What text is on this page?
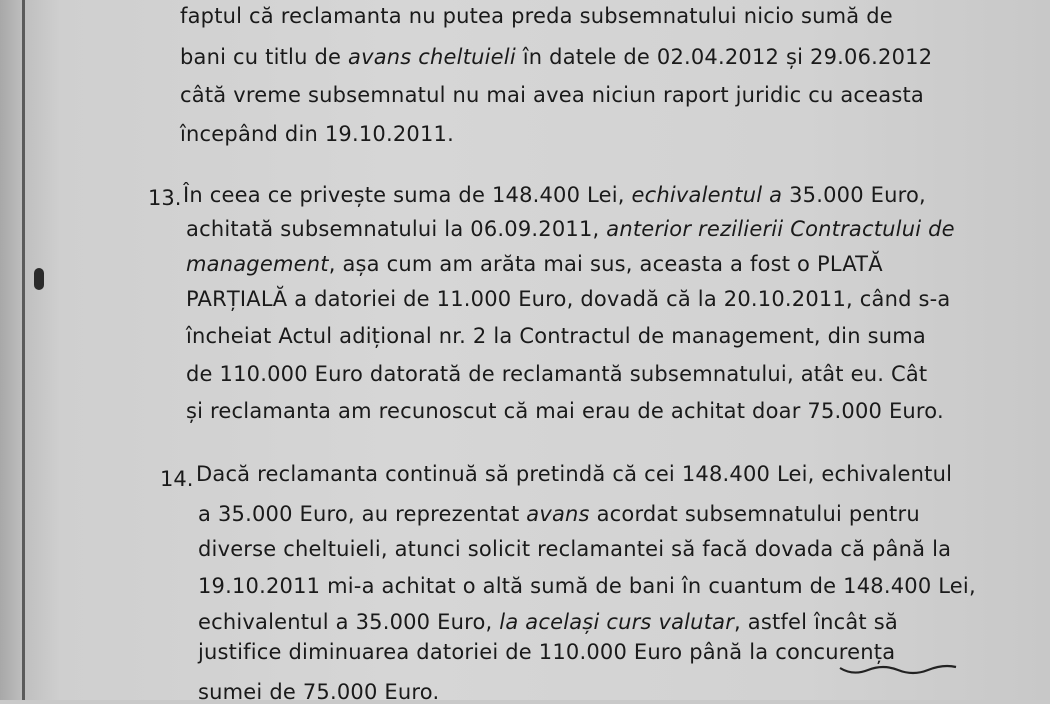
faptul că reclamanta nu putea preda subsemnatului nicio sumă de
bani cu titlu de avans cheltuieli în datele de 02.04.2012 și 29.06.2012
câtă vreme subsemnatul nu mai avea niciun raport juridic cu aceasta
începând din 19.10.2011.
13. În ceea ce privește suma de 148.400 Lei, echivalentul a 35.000 Euro,
achitată subsemnatului la 06.09.2011, anterior rezilierii Contractului de
management, așa cum am arăta mai sus, aceasta a fost o PLATĂ
PARȚIALĂ a datoriei de 11.000 Euro, dovadă că la 20.10.2011, când s-a
încheiat Actul adițional nr. 2 la Contractul de management, din suma
de 110.000 Euro datorată de reclamantă subsemnatului, atât eu. Cât
și reclamanta am recunoscut că mai erau de achitat doar 75.000 Euro.
14. Dacă reclamanta continuă să pretindă că cei 148.400 Lei, echivalentul
a 35.000 Euro, au reprezentat avans acordat subsemnatului pentru
diverse cheltuieli, atunci solicit reclamantei să facă dovada că până la
19.10.2011 mi-a achitat o altă sumă de bani în cuantum de 148.400 Lei,
echivalentul a 35.000 Euro, la același curs valutar, astfel încât să
justifice diminuarea datoriei de 110.000 Euro până la concurența
sumei de 75.000 Euro.
